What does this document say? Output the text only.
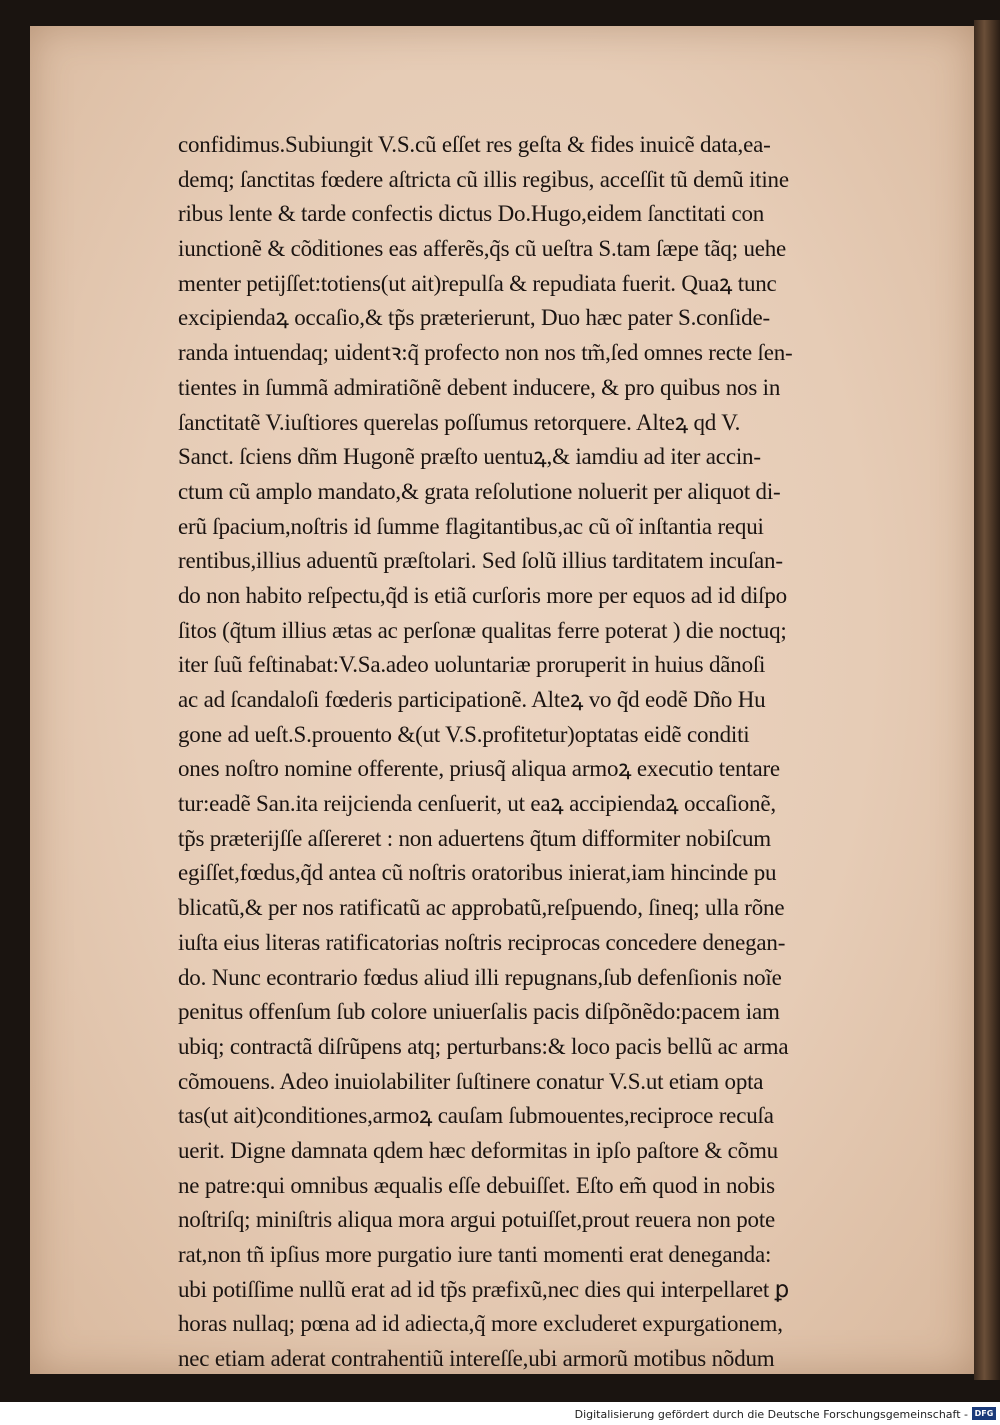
confidimus.Subiungit V.S.cũ eſſet res geſta & fides inuicẽ data,ea-
demq; ſanctitas fœdere aſtricta cũ illis regibus, acceſſit tũ demũ itine
ribus lente & tarde confectis dictus Do.Hugo,eidem ſanctitati con
iunctionẽ & cõditiones eas afferẽs,q̃s cũ ueſtra S.tam ſæpe tãq; uehe
menter petijſſet:totiens(ut ait)repulſa & repudiata fuerit. Quaꝝ tunc
excipiendaꝝ occaſio,& tp̃s præterierunt, Duo hæc pater S.conſide-
randa intuendaq; uidentꝛ:q̃ profecto non nos tm̃,ſed omnes recte ſen-
tientes in ſummã admiratiõnẽ debent inducere, & pro quibus nos in
ſanctitatẽ V.iuſtiores querelas poſſumus retorquere. Alteꝝ qd V.
Sanct. ſciens dñm Hugonẽ præſto uentuꝝ,& iamdiu ad iter accin-
ctum cũ amplo mandato,& grata reſolutione noluerit per aliquot di-
erũ ſpacium,noſtris id ſumme flagitantibus,ac cũ oĩ inſtantia requi
rentibus,illius aduentũ præſtolari. Sed ſolũ illius tarditatem incuſan-
do non habito reſpectu,q̃d is etiã curſoris more per equos ad id diſpo
ſitos (q̃tum illius ætas ac perſonæ qualitas ferre poterat ) die noctuq;
iter ſuũ feſtinabat:V.Sa.adeo uoluntariæ proruperit in huius dãnoſi
ac ad ſcandaloſi fœderis participationẽ. Alteꝝ vo q̃d eodẽ Dño Hu
gone ad ueſt.S.prouento &(ut V.S.profitetur)optatas eidẽ conditi
ones noſtro nomine offerente, priusq̃ aliqua armoꝝ executio tentare
tur:eadẽ San.ita reijcienda cenſuerit, ut eaꝝ accipiendaꝝ occaſionẽ,
tp̃s præterijſſe aſſereret : non aduertens q̃tum difformiter nobiſcum
egiſſet,fœdus,q̃d antea cũ noſtris oratoribus inierat,iam hincinde pu
blicatũ,& per nos ratificatũ ac approbatũ,reſpuendo, ſineq; ulla rõne
iuſta eius literas ratificatorias noſtris reciprocas concedere denegan-
do. Nunc econtrario fœdus aliud illi repugnans,ſub defenſionis noĩe
penitus offenſum ſub colore uniuerſalis pacis diſpõnẽdo:pacem iam
ubiq; contractã diſrũpens atq; perturbans:& loco pacis bellũ ac arma
cõmouens. Adeo inuiolabiliter ſuſtinere conatur V.S.ut etiam opta
tas(ut ait)conditiones,armoꝝ cauſam ſubmouentes,reciproce recuſa
uerit. Digne damnata qdem hæc deformitas in ipſo paſtore & cõmu
ne patre:qui omnibus æqualis eſſe debuiſſet. Eſto em̃ quod in nobis
noſtriſq; miniſtris aliqua mora argui potuiſſet,prout reuera non pote
rat,non tñ ipſius more purgatio iure tanti momenti erat deneganda:
ubi potiſſime nullũ erat ad id tp̃s præfixũ,nec dies qui interpellaret ꝑ
horas nullaq; pœna ad id adiecta,q̃ more excluderet expurgationem,
nec etiam aderat contrahentiũ intereſſe,ubi armorũ motibus nõdum
Digitalisierung gefördert durch die Deutsche Forschungsgemeinschaft - DFG
